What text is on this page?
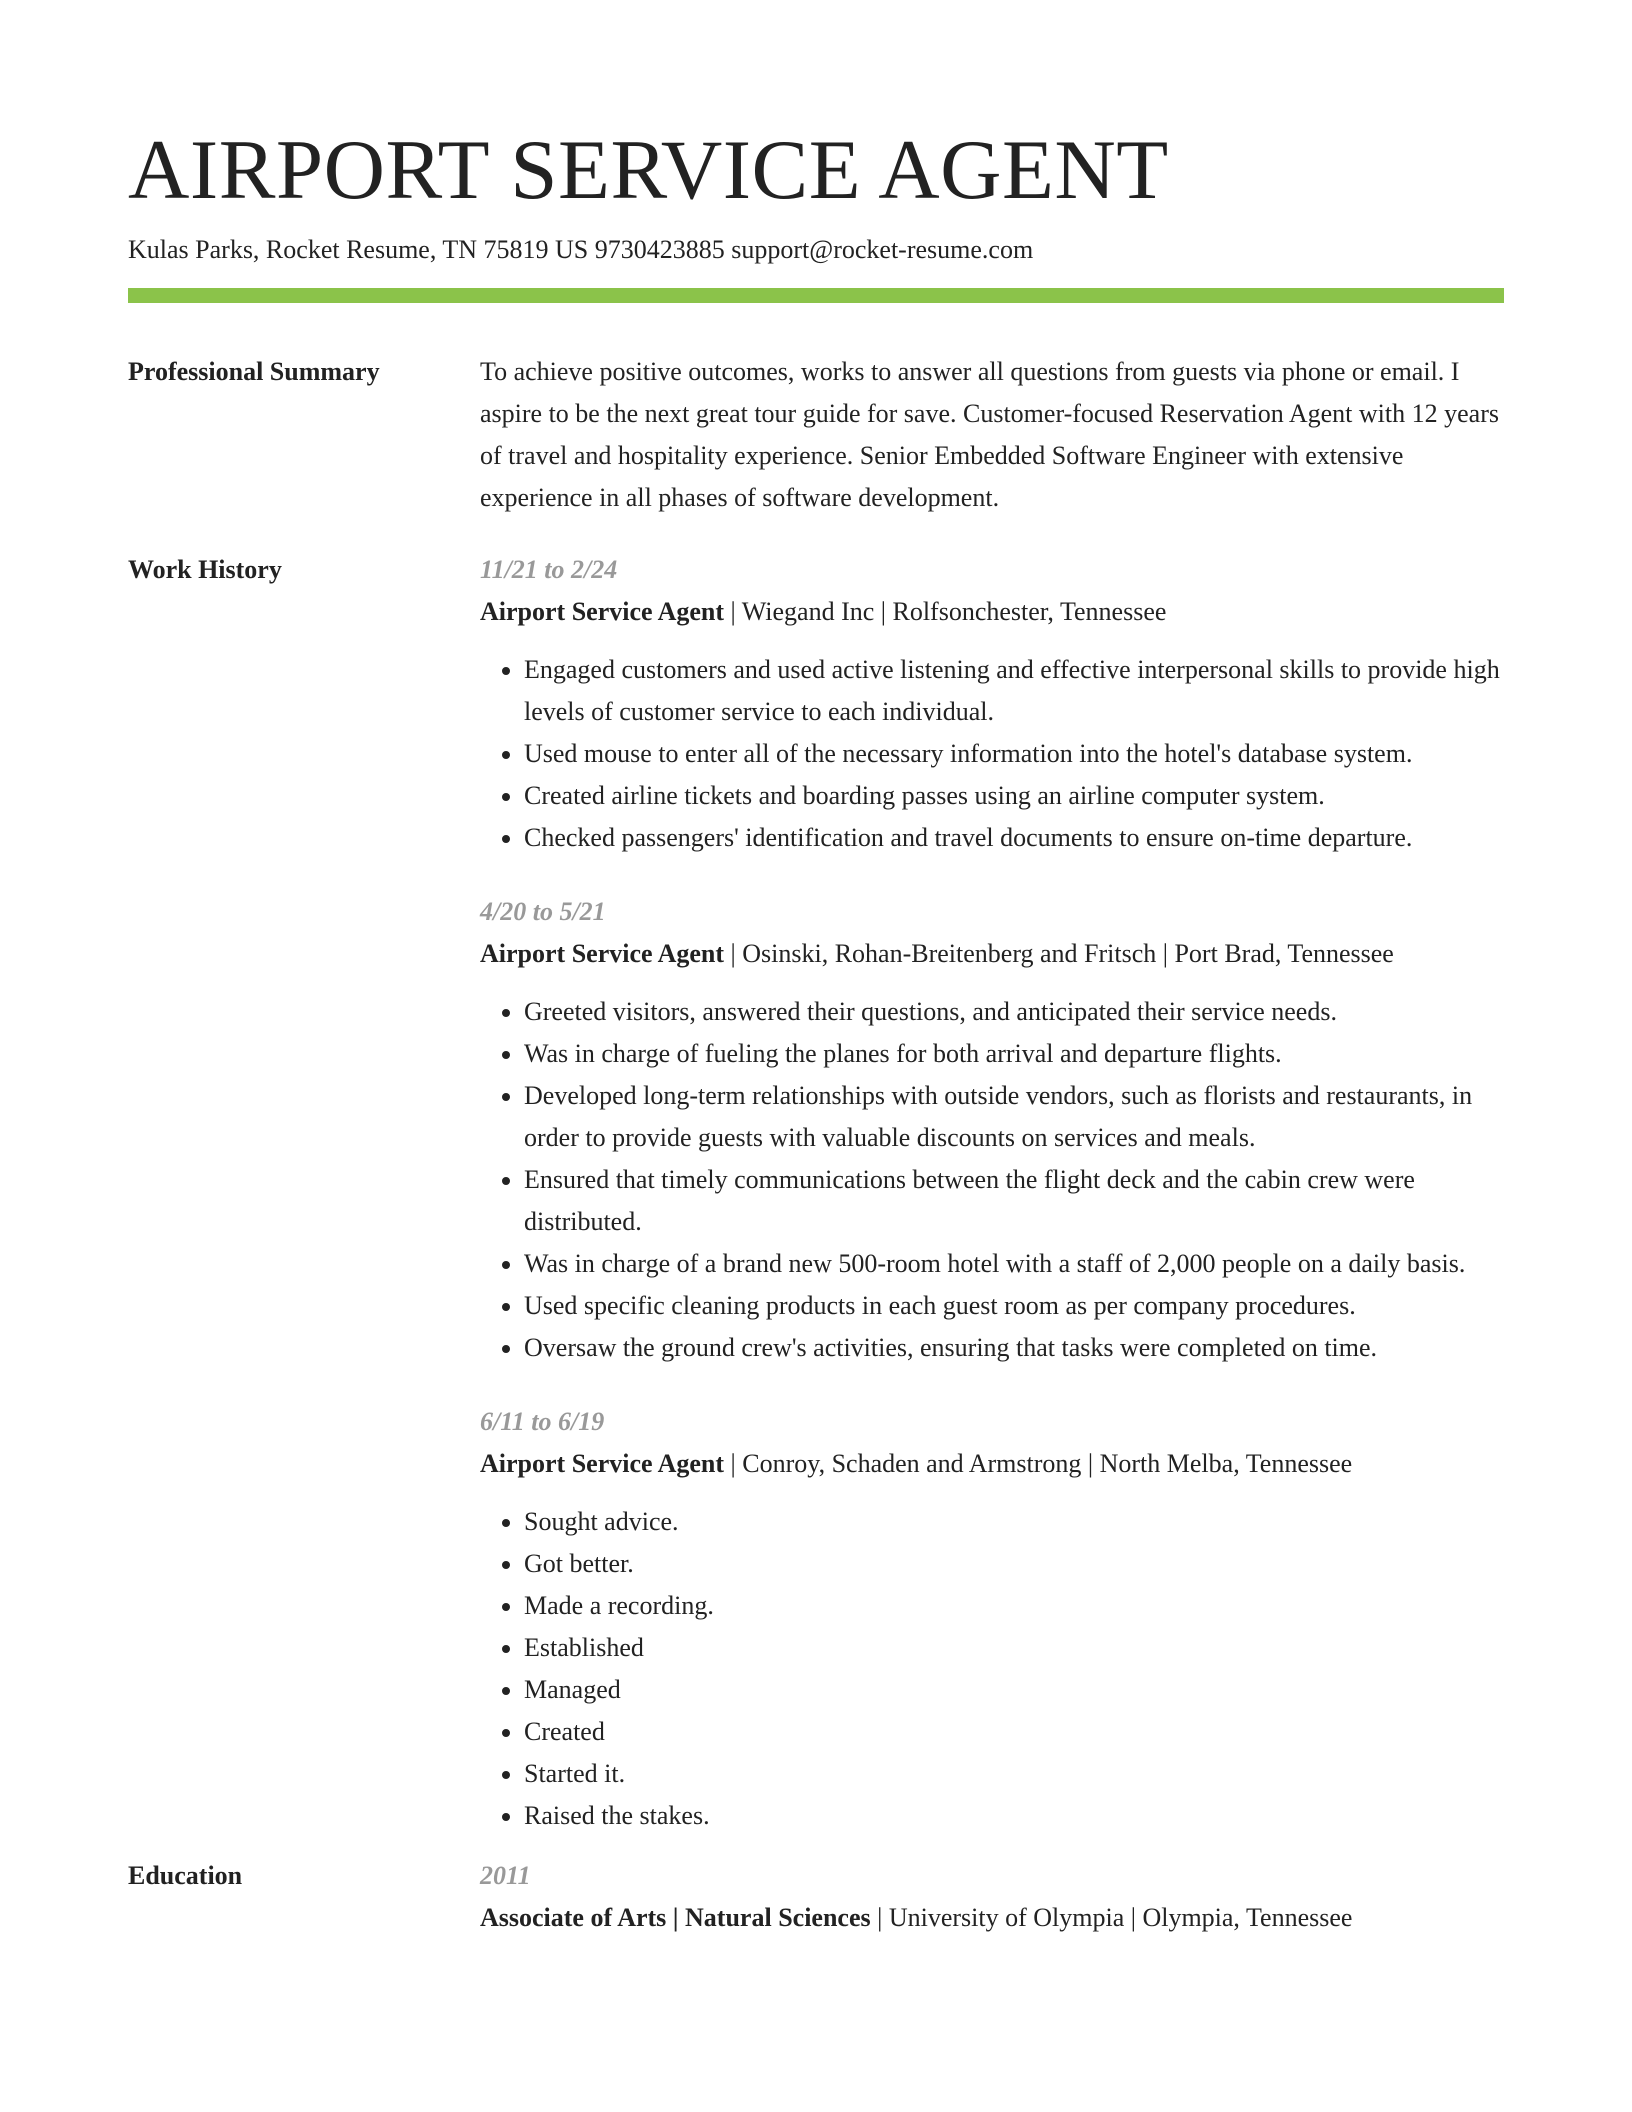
AIRPORT SERVICE AGENT
Kulas Parks, Rocket Resume, TN 75819 US 9730423885 support@rocket-resume.com
Professional Summary	To achieve positive outcomes, works to answer all questions from guests via phone or email. I aspire to be the next great tour guide for save. Customer-focused Reservation Agent with 12 years of travel and hospitality experience. Senior Embedded Software Engineer with extensive experience in all phases of software development.
Work History	11/21 to 2/24
Airport Service Agent | Wiegand Inc | Rolfsonchester, Tennessee
• Engaged customers and used active listening and effective interpersonal skills to provide high levels of customer service to each individual.
• Used mouse to enter all of the necessary information into the hotel's database system.
• Created airline tickets and boarding passes using an airline computer system.
• Checked passengers' identification and travel documents to ensure on-time departure.
4/20 to 5/21
Airport Service Agent | Osinski, Rohan-Breitenberg and Fritsch | Port Brad, Tennessee
• Greeted visitors, answered their questions, and anticipated their service needs.
• Was in charge of fueling the planes for both arrival and departure flights.
• Developed long-term relationships with outside vendors, such as florists and restaurants, in order to provide guests with valuable discounts on services and meals.
• Ensured that timely communications between the flight deck and the cabin crew were distributed.
• Was in charge of a brand new 500-room hotel with a staff of 2,000 people on a daily basis.
• Used specific cleaning products in each guest room as per company procedures.
• Oversaw the ground crew's activities, ensuring that tasks were completed on time.
6/11 to 6/19
Airport Service Agent | Conroy, Schaden and Armstrong | North Melba, Tennessee
• Sought advice.
• Got better.
• Made a recording.
• Established
• Managed
• Created
• Started it.
• Raised the stakes.
Education	2011
Associate of Arts | Natural Sciences | University of Olympia | Olympia, Tennessee
